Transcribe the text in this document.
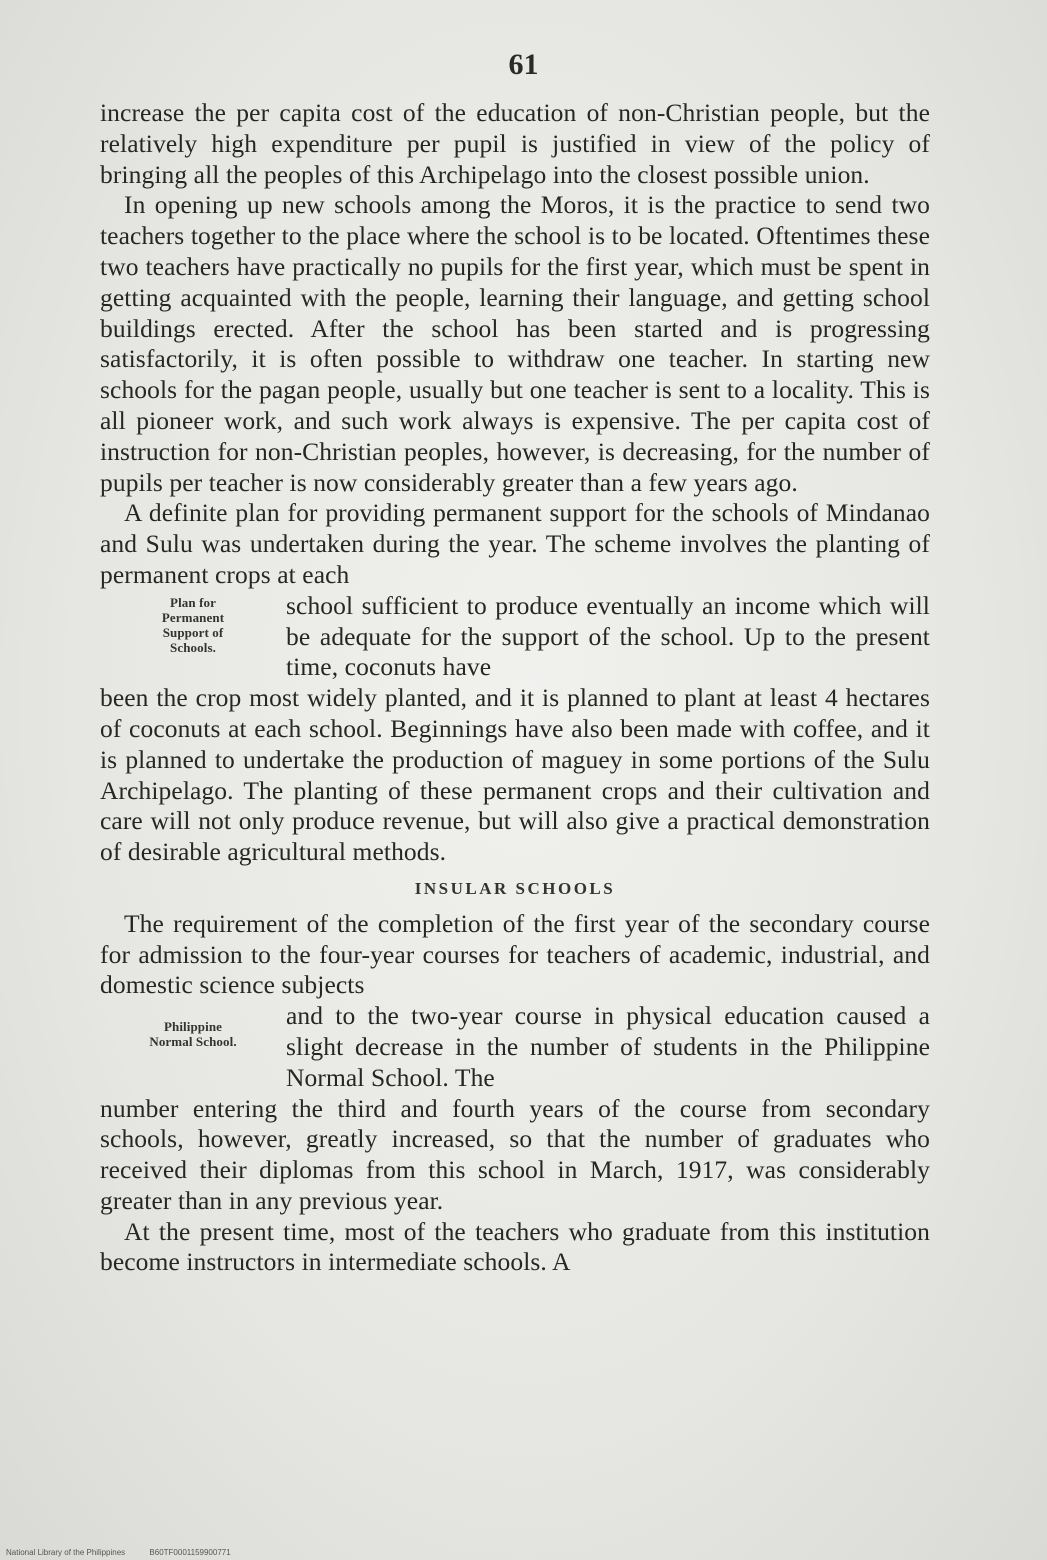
61

increase the per capita cost of the education of non-Christian people, but the relatively high expenditure per pupil is justified in view of the policy of bringing all the peoples of this Archipelago into the closest possible union.

In opening up new schools among the Moros, it is the practice to send two teachers together to the place where the school is to be located. Oftentimes these two teachers have practically no pupils for the first year, which must be spent in getting acquainted with the people, learning their language, and getting school buildings erected. After the school has been started and is progressing satisfactorily, it is often possible to withdraw one teacher. In starting new schools for the pagan people, usually but one teacher is sent to a locality. This is all pioneer work, and such work always is expensive. The per capita cost of instruction for non-Christian peoples, however, is decreasing, for the number of pupils per teacher is now considerably greater than a few years ago.

A definite plan for providing permanent support for the schools of Mindanao and Sulu was undertaken during the year. The scheme involves the planting of permanent crops at each

Plan for
Permanent
Support of
Schools.
school sufficient to produce eventually an income which will be adequate for the support of the school. Up to the present time, coconuts have

been the crop most widely planted, and it is planned to plant at least 4 hectares of coconuts at each school. Beginnings have also been made with coffee, and it is planned to undertake the production of maguey in some portions of the Sulu Archipelago. The planting of these permanent crops and their cultivation and care will not only produce revenue, but will also give a practical demonstration of desirable agricultural methods.

INSULAR SCHOOLS

The requirement of the completion of the first year of the secondary course for admission to the four-year courses for teachers of academic, industrial, and domestic science subjects

Philippine
Normal School.
and to the two-year course in physical education caused a slight decrease in the number of students in the Philippine Normal School. The

number entering the third and fourth years of the course from secondary schools, however, greatly increased, so that the number of graduates who received their diplomas from this school in March, 1917, was considerably greater than in any previous year.

At the present time, most of the teachers who graduate from this institution become instructors in intermediate schools. A

National Library of the Philippines	B60TF0001159900771
